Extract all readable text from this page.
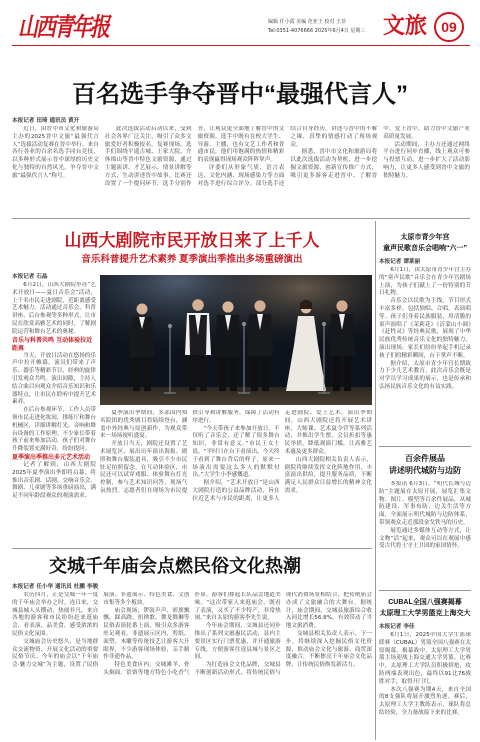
山西青年报	编辑 任小霞 美编 范亚王 校对 王菲
Tel:0351-4076666 2025年6月4日 星期三 文旅	09
百名选手争夺晋中“最强代言人”
本报记者 田琦 通讯员 黄开

近日，由晋中市文化和旅游局主办的2025晋中文旅“最强代言人”选拔活动复赛在晋中举行。来自各行各业的百余名选手同台竞技，以多种形式展示晋中深厚的历史文化与独特的自然风光，争夺晋中文旅“最强代言人”称号。

此次选拔活动启动以来，受到社会各界广泛关注，吸引了众多文旅爱好者积极报名。复赛现场，选手们围绕平遥古城、王家大院、介休绵山等晋中特色文旅资源，通过主题演讲、才艺展示、情景讲解等方式，生动讲述晋中故事。比赛还设置了一个提问环节，选手分别作答，让观众更全面地了解晋中的文旅资源。选手中既有在校大学生、导游、主播，也有文艺工作者和普通市民，他们用饱满的热情和精彩的表现赢得现场观众阵阵掌声。

评委们从形象气质、语言表达、文化内涵、现场感染力等方面对选手进行综合评分。部分选手还结合自身经历，讲述与晋中的不解之缘，真挚的情感打动了现场观众。

据悉，晋中市文化和旅游局将以此次选拔活动为契机，进一步挖掘文旅资源，创新宣传推广方式，吸引更多游客走进晋中、了解晋中、爱上晋中，助力晋中文旅产业高质量发展。

活动期间，主办方还通过网络平台进行同步直播，线上观众可参与投票互动，进一步扩大了活动影响力，让更多人感受到晋中文旅的独特魅力。

山西大剧院市民开放日来了上千人
音乐科普提升艺术素养 夏季演出季推出多场重磅演出
本报记者 石晶

6月2日，山西大剧院举办“艺术开放日——夏日音乐会”活动，上千名市民走进剧院，近距离感受艺术魅力。活动通过音乐会、科普讲座、后台参观等多种形式，让市民在欣赏高雅艺术的同时，了解剧院运营和舞台艺术的奥秘。

音乐与科普共鸣 互动体验拉近距离

当天，开放日活动在悠扬的乐声中拉开帷幕。演员们带来了声乐、器乐等精彩节目，经典的旋律引发观众共鸣。演出间隙，主持人结合曲目向观众介绍音乐知识和乐器特点，让市民在聆听中提升艺术素养。

在后台参观环节，工作人员带领市民走进化妆间、排练厅和舞台机械区，详细讲解灯光、音响和舞台设备的工作原理。不少家长带着孩子前来参加活动，孩子们对舞台升降装置充满好奇，纷纷提问。

夏季演出季推出多元艺术活动

记者了解到，山西大剧院2025年夏季演出季即将启幕，将推出音乐剧、话剧、交响音乐会、舞剧、儿童剧等多场重磅演出，满足不同年龄段观众的观演需求。

夏季演出季期间，多部国内知名院团的优秀剧目将陆续登台，涵盖中外经典与原创新作，为观众带来一场场视听盛宴。

开放日当天，剧院还设置了艺术展览区，展出历年演出海报、剧照和舞台服装道具，吸引不少市民驻足拍照留念。在互动体验区，市民还可以试穿戏服、体验舞台灯光控制，参与艺术知识问答，现场气氛热烈。志愿者们在现场为市民提供引导和讲解服务，保障了活动有序进行。

“今天带孩子来参加开放日，不仅听了音乐会，还了解了很多舞台知识，非常有意义。”市民王女士说。“平时只在台下看演出，今天终于看到了舞台背后的样子，原来一场演出需要这么多人的默默付出。”大学生小李感慨道。

据介绍，“艺术开放日”是山西大剧院打造的公益品牌活动，旨在拉近艺术与市民的距离，让更多人走进剧院、爱上艺术。演出季期间，山西大剧院还将开展艺术讲座、大师课、艺术夏令营等系列活动，并推出学生票、会员折扣等惠民举措，降低观演门槛，让高雅艺术惠及更多群众。

山西大剧院相关负责人表示，剧院将继续发挥文化阵地作用，丰富演出供给，提升服务品质，不断满足人民群众日益增长的精神文化需求。

交城千年庙会点燃民俗文化热潮
本报记者 任小华 通讯员 杜鹏 李骏

农历四月，正是交城一年一度的千年庙会举办之时。连日来，交城县城人头攒动，热闹非凡，来自各地的游客和市民纷纷赶来逛庙会、看表演、品美食，感受浓浓的民俗文化氛围。

交城庙会历史悠久，是当地群众交流物资、开展文化活动的重要民俗节庆。今年的庙会以“千年庙会·魅力交城”为主题，设置了民俗展演、非遗展示、特色美食、文创市集等多个板块。

庙会现场，锣鼓声声、彩旗飘飘，踩高跷、扭秧歌、舞龙舞狮等民俗表演轮番上演，吸引众多游客驻足观看。非遗展示区内，剪纸、面塑、木雕等传统技艺让游客大开眼界，不少游客现场体验，亲手制作非遗作品。

特色美食区内，交城滩羊、骨头焖面、饸饹等地方特色小吃香气扑鼻，游客们排起长队品尝地道美味。“这次带家人来逛庙会，既看了表演，又买了不少特产，非常热闹。”来自太原的游客李先生说。

今年庙会期间，交城县还同步推出了系列文旅惠民活动，县内主要景区实行门票优惠，并开通旅游专线，方便游客往返县城与景区之间。

为打造庙会文化品牌，交城县不断创新活动形式，将传统民俗与现代消费场景相结合，把传统庙会办成了文旅融合的大舞台。据统计，庙会期间，交城县旅游综合收入同比增长56.8%，有效带动了当地文旅消费。

交城县相关负责人表示，下一步，将继续深入挖掘民俗文化资源，推动庙会文化与旅游、商贸深度融合，不断擦亮千年庙会文化品牌，让传统民俗焕发新活力。

太原市青少年宫
童声民歌音乐会唱响“六一”
本报记者 谭莱丽

6月1日，由太原市青少年宫主办的“童声民歌”音乐会在青少年宫剧场上演，为孩子们献上了一份特别的节日礼物。

音乐会以民歌为主线，节目形式丰富多样，包括独唱、合唱、表演唱等。孩子们身着民族服装，用清脆的童声演唱了《茉莉花》《沂蒙山小调》《赶牲灵》等经典民歌，展现了中华民族优秀传统音乐文化的独特魅力。演出现场，家长们纷纷举起手机记录孩子们的精彩瞬间，台下掌声不断。

据介绍，太原市青少年宫长期致力于少儿艺术教育，此次音乐会既是对学员学习成果的展示，也是传承和弘扬民族音乐文化的有益实践。

百余件展品
讲述明代城防与边防

本报讯 6月3日，“明代长城与边防”主题展在太原开展，展览汇集文物、图片、模型等百余件展品，从城防建设、军事布防、边关生活等方面，全面展示明代城防与边防体系，带领观众走近那段金戈铁马的历史。

展览通过多媒体互动等方式，让文物“活”起来，观众可以在观展中感受古代将士守土卫国的家国情怀。

CUBAL全国八强赛揭幕
太原理工大学男篮克上海交大
本报记者 李佳

6月1日，2025中国大学生篮球联赛（CUBAL）男篮全国八强赛在太原揭幕。揭幕战中，太原理工大学男篮主场迎战上海交通大学男篮。比赛中，太原理工大学队员积极拼抢，攻防两端表现出色，最终以91比76战胜对手，取得开门红。

本次八强赛为期4天，来自全国的8支强队将展开激烈角逐。赛后，太原理工大学主教练表示，球队将总结经验，全力备战接下来的比赛。
